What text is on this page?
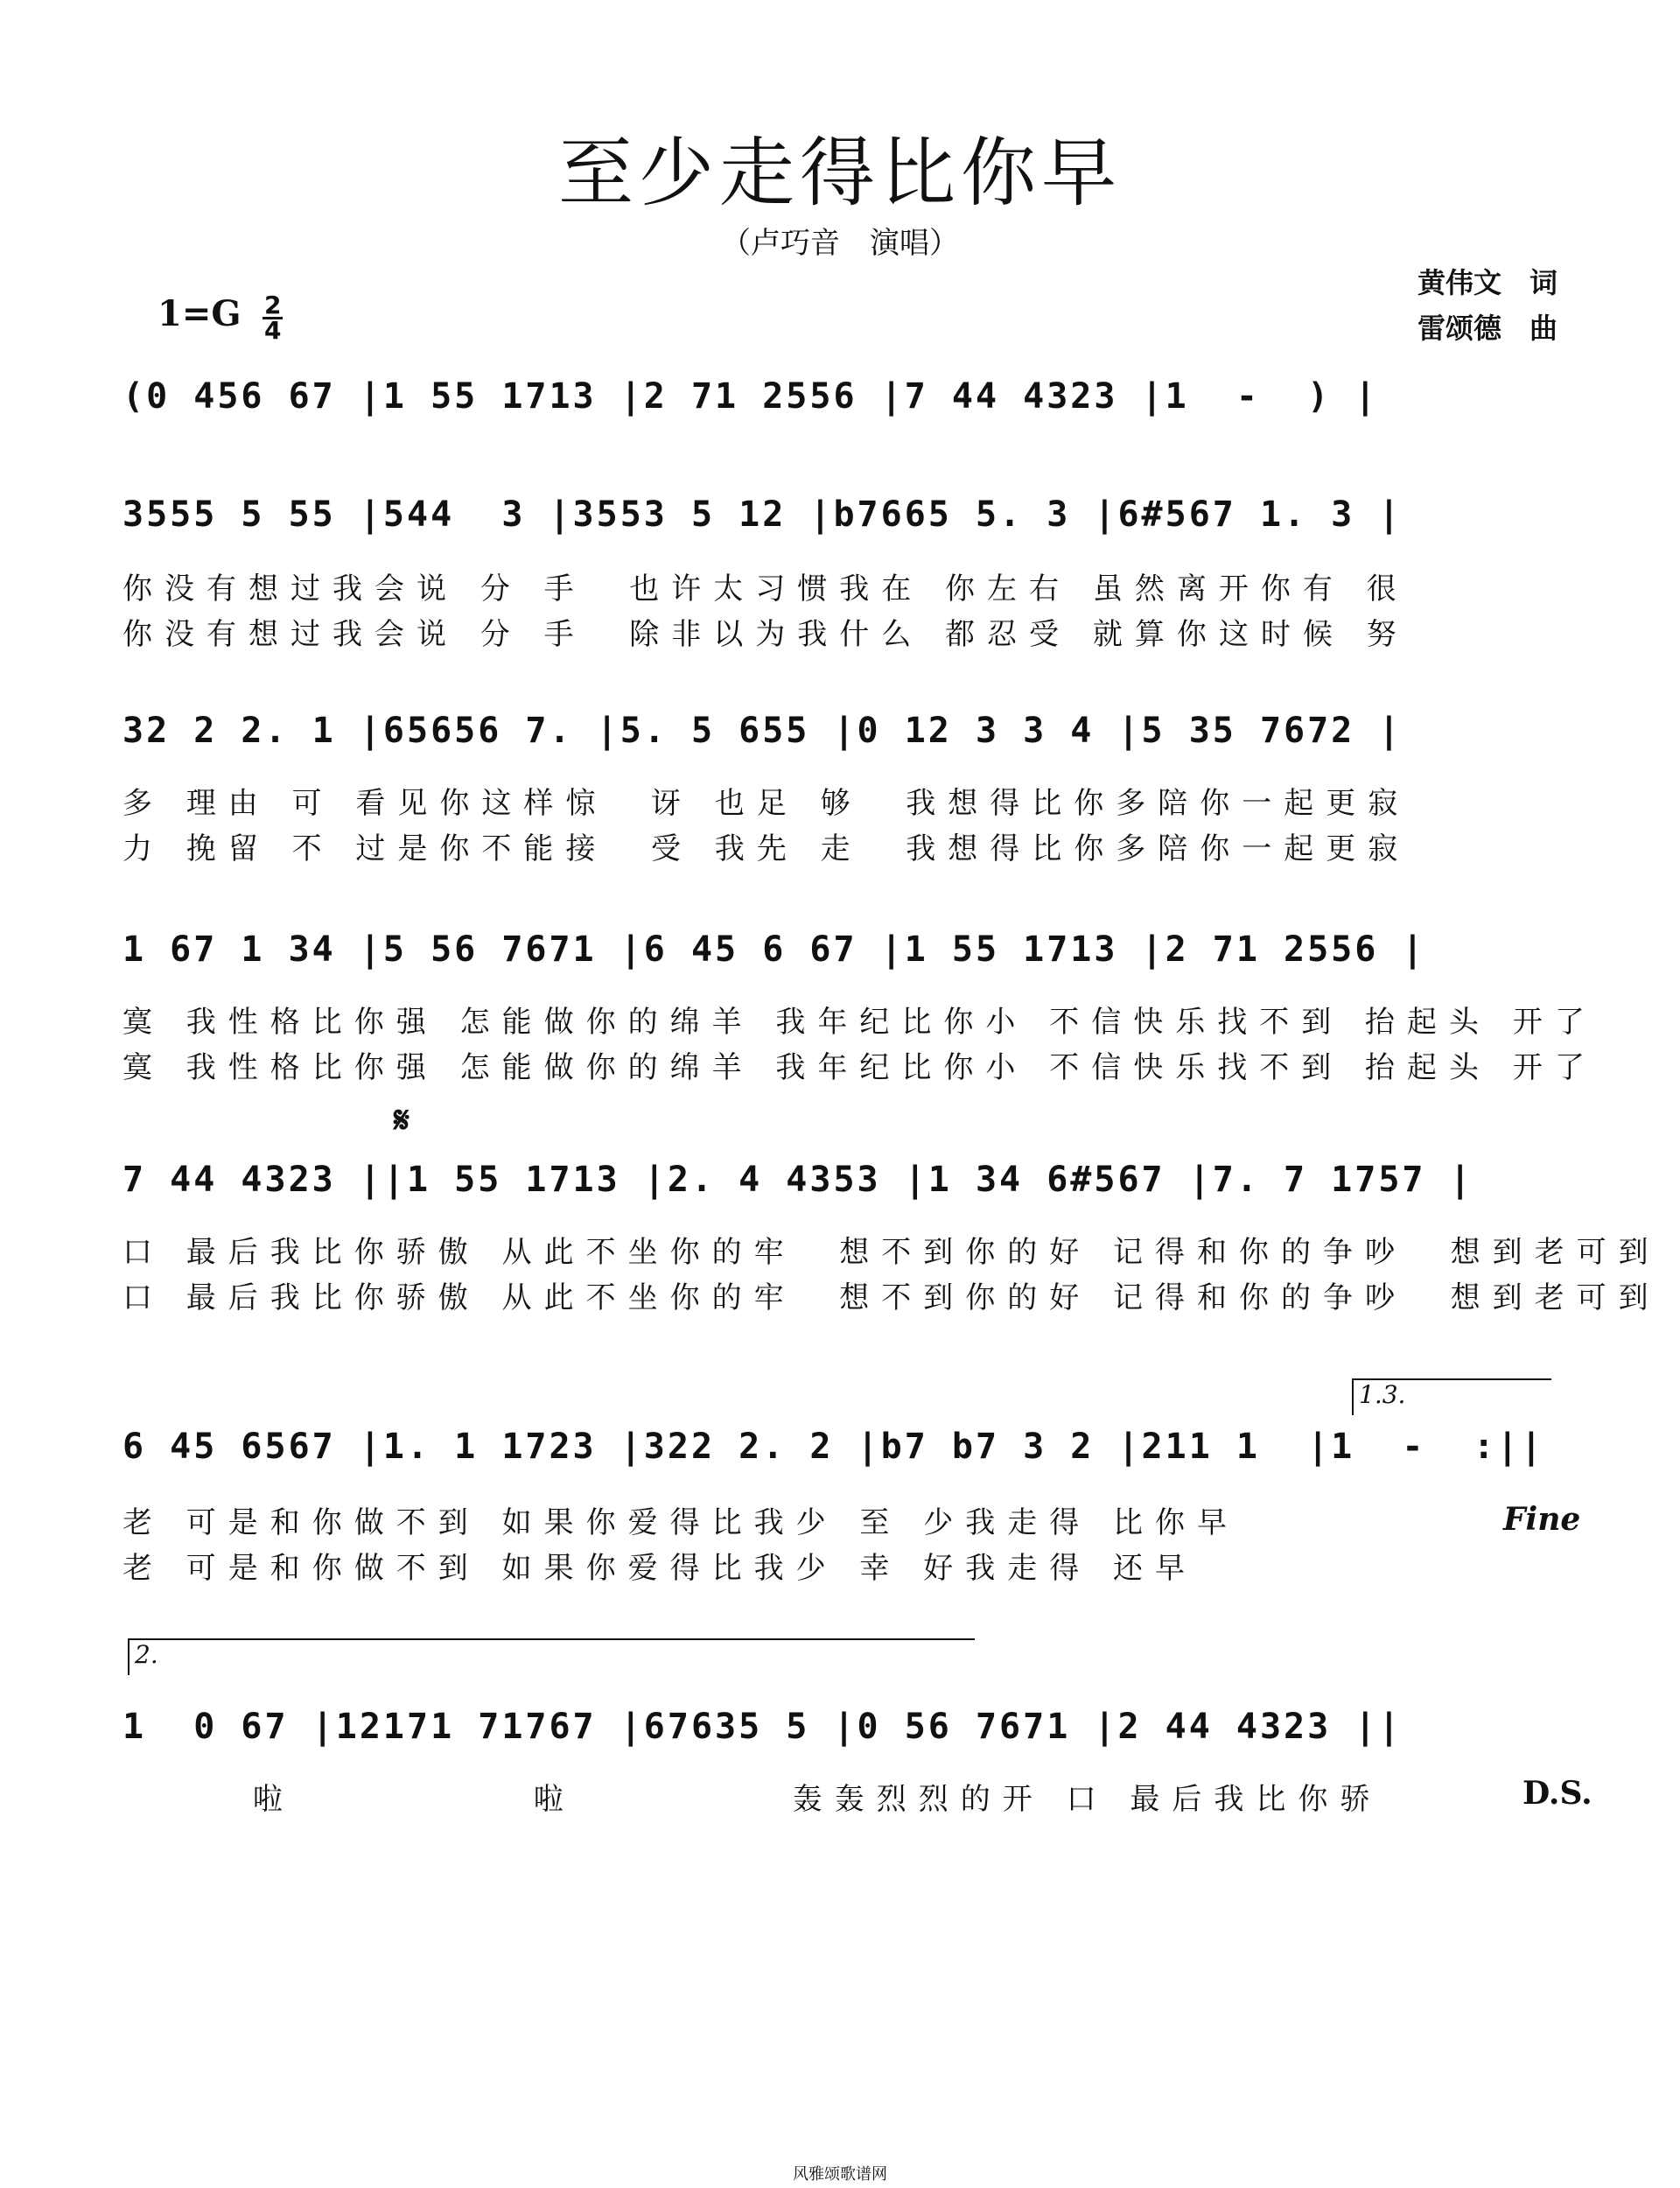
至少走得比你早
（卢巧音　演唱）
黄伟文　词
雷颂德　曲
$1=G \frac{2}{4}$
(0 456 67 |1 55 1713 |2 71 2556 |7 44 4323 |1  -  ) |
3555 5 55 |544  3 |3553 5 12 |b7665 5. 3 |6#567 1. 3 |
你没有想过我会说 分 手  也许太习惯我在 你左右 虽然离开你有 很
你没有想过我会说 分 手  除非以为我什么 都忍受 就算你这时候 努
32 2 2. 1 |65656 7. |5. 5 655 |0 12 3 3 4 |5 35 7672 |
多 理由 可 看见你这样惊  讶 也足 够  我想得比你多陪你一起更寂
力 挽留 不 过是你不能接  受 我先 走  我想得比你多陪你一起更寂
1 67 1 34 |5 56 7671 |6 45 6 67 |1 55 1713 |2 71 2556 |
寞 我性格比你强 怎能做你的绵羊 我年纪比你小 不信快乐找不到 抬起头 开了
寞 我性格比你强 怎能做你的绵羊 我年纪比你小 不信快乐找不到 抬起头 开了
𝄋
7 44 4323 ||1 55 1713 |2. 4 4353 |1 34 6#567 |7. 7 1757 |
口 最后我比你骄傲 从此不坐你的牢  想不到你的好 记得和你的争吵  想到老可到
口 最后我比你骄傲 从此不坐你的牢  想不到你的好 记得和你的争吵  想到老可到
1.3.
6 45 6567 |1. 1 1723 |322 2. 2 |b7 b7 3 2 |211 1  |1  -  :||
老 可是和你做不到 如果你爱得比我少 至 少我走得 比你早
老 可是和你做不到 如果你爱得比我少 幸 好我走得 还早
Fine
2.
1  0 67 |12171 71767 |67635 5 |0 56 7671 |2 44 4323 ||
啦           啦          轰轰烈烈的开 口 最后我比你骄	D.S.
风雅颂歌谱网
